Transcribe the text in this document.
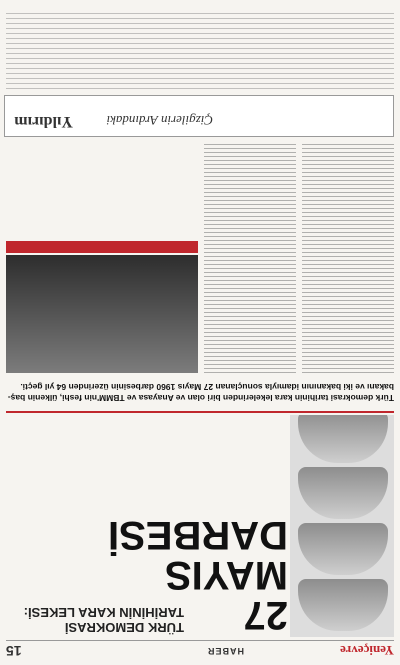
Yeniçevre
HABER
15
27 MAYIS DARBESİ
TÜRK DEMOKRASİ TARİHİNİN KARA LEKESİ:
Türk demokrasi tarihinin kara lekelerinden biri olan ve Anayasa ve TBMM'nin feshi, ülkenin baş-bakanı ve iki bakanının idamıyla sonuçlanan 27 Mayıs 1960 darbesinin üzerinden 64 yıl geçti.
Çizgilerin Ardındaki
Yıldırım
